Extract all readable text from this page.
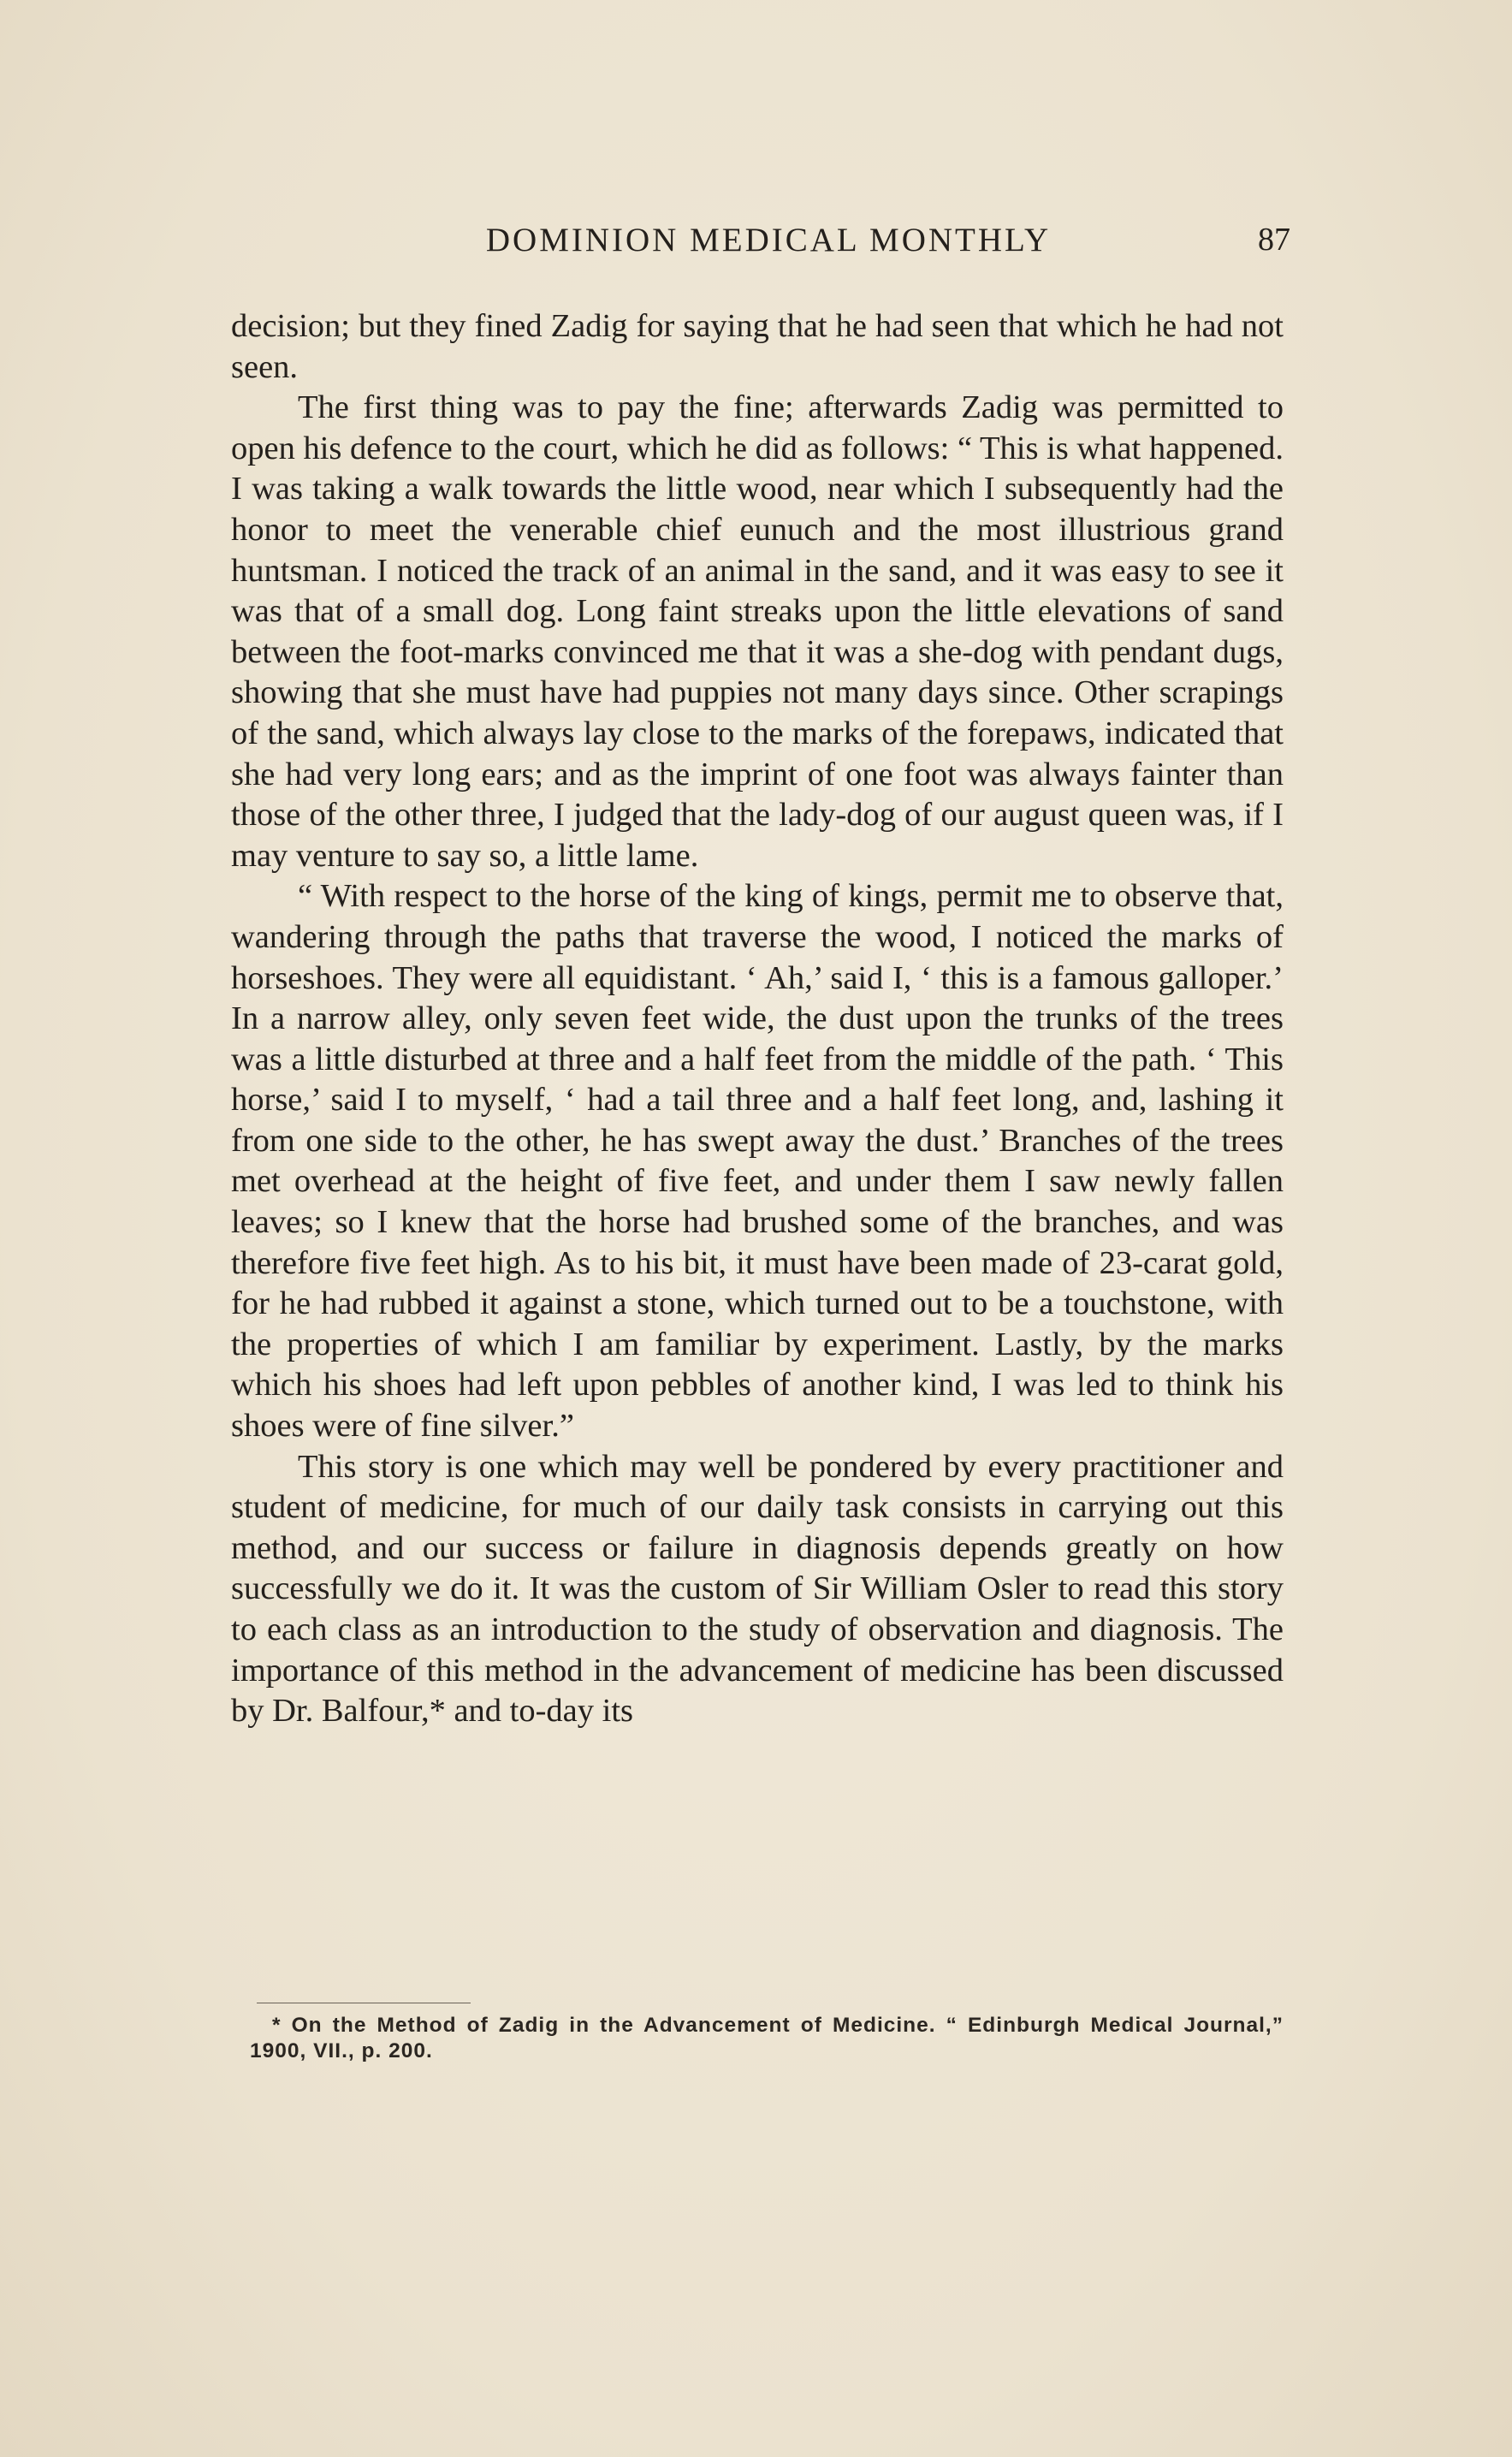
DOMINION MEDICAL MONTHLY	87

decision; but they fined Zadig for saying that he had seen that which he had not seen.

The first thing was to pay the fine; afterwards Zadig was permitted to open his defence to the court, which he did as follows: “ This is what happened. I was taking a walk towards the little wood, near which I subsequently had the honor to meet the venerable chief eunuch and the most illustrious grand huntsman. I noticed the track of an animal in the sand, and it was easy to see it was that of a small dog. Long faint streaks upon the little elevations of sand between the foot-marks convinced me that it was a she-dog with pendant dugs, showing that she must have had puppies not many days since. Other scrapings of the sand, which always lay close to the marks of the forepaws, indicated that she had very long ears; and as the imprint of one foot was always fainter than those of the other three, I judged that the lady-dog of our august queen was, if I may venture to say so, a little lame.

“ With respect to the horse of the king of kings, permit me to observe that, wandering through the paths that traverse the wood, I noticed the marks of horseshoes. They were all equidistant. ‘ Ah,’ said I, ‘ this is a famous galloper.’ In a narrow alley, only seven feet wide, the dust upon the trunks of the trees was a little disturbed at three and a half feet from the middle of the path. ‘ This horse,’ said I to myself, ‘ had a tail three and a half feet long, and, lashing it from one side to the other, he has swept away the dust.’ Branches of the trees met overhead at the height of five feet, and under them I saw newly fallen leaves; so I knew that the horse had brushed some of the branches, and was therefore five feet high. As to his bit, it must have been made of 23-carat gold, for he had rubbed it against a stone, which turned out to be a touchstone, with the properties of which I am familiar by experiment. Lastly, by the marks which his shoes had left upon pebbles of another kind, I was led to think his shoes were of fine silver.”

This story is one which may well be pondered by every practitioner and student of medicine, for much of our daily task consists in carrying out this method, and our success or failure in diagnosis depends greatly on how successfully we do it. It was the custom of Sir William Osler to read this story to each class as an introduction to the study of observation and diagnosis. The importance of this method in the advancement of medicine has been discussed by Dr. Balfour,* and to-day its

* On the Method of Zadig in the Advancement of Medicine. “ Edinburgh Medical Journal,” 1900, VII., p. 200.
